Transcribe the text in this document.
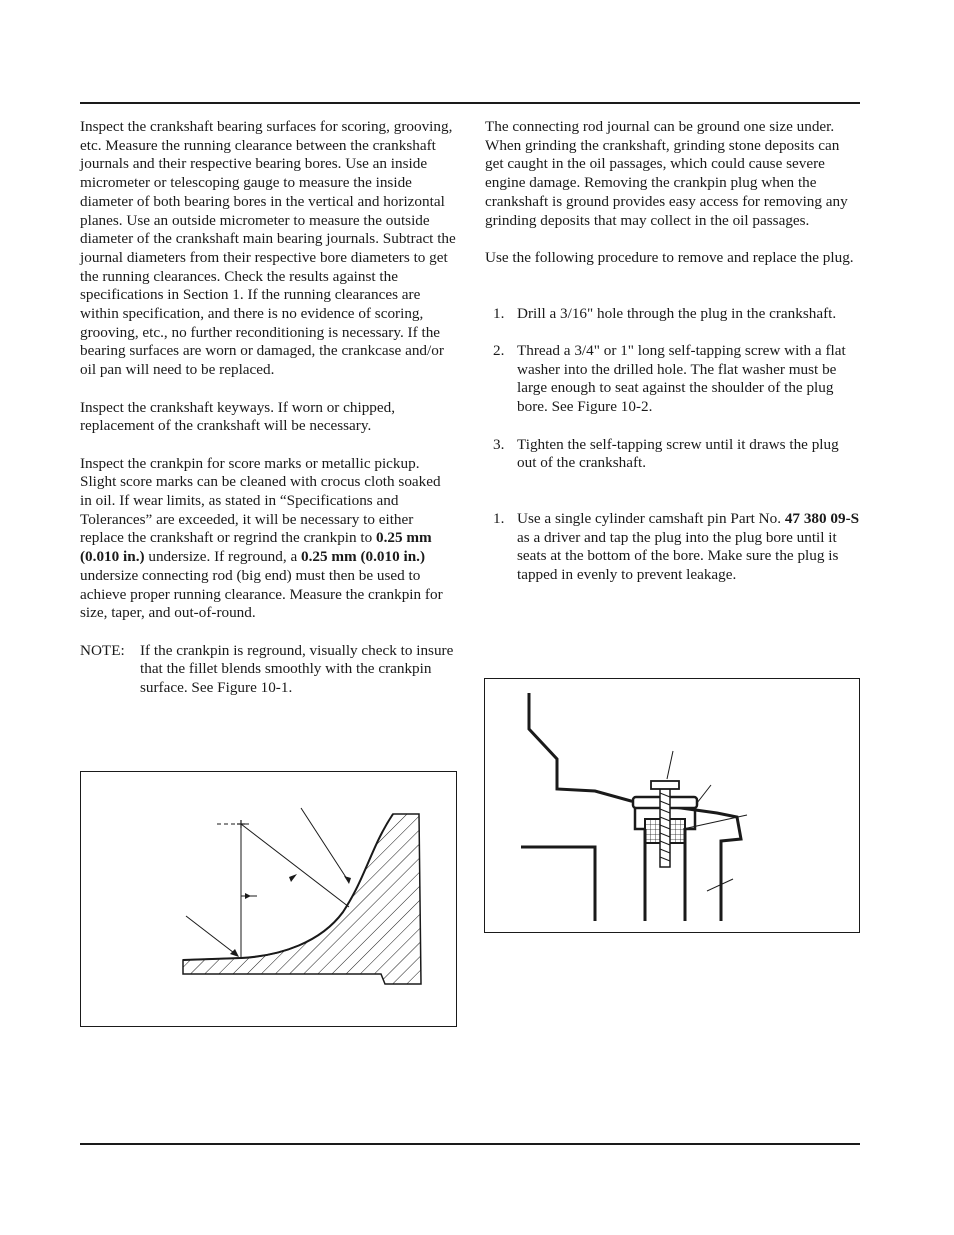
Inspect the crankshaft bearing surfaces for scoring, grooving, etc. Measure the running clearance between the crankshaft journals and their respective bearing bores. Use an inside micrometer or telescoping gauge to measure the inside diameter of both bearing bores in the vertical and horizontal planes. Use an outside micrometer to measure the outside diameter of the crankshaft main bearing journals. Subtract the journal diameters from their respective bore diameters to get the running clearances. Check the results against the specifications in Section 1. If the running clearances are within specification, and there is no evidence of scoring, grooving, etc., no further reconditioning is necessary. If the bearing surfaces are worn or damaged, the crankcase and/or oil pan will need to be replaced.

Inspect the crankshaft keyways. If worn or chipped, replacement of the crankshaft will be necessary.

Inspect the crankpin for score marks or metallic pickup. Slight score marks can be cleaned with crocus cloth soaked in oil. If wear limits, as stated in “Specifications and Tolerances” are exceeded, it will be necessary to either replace the crankshaft or regrind the crankpin to 0.25 mm (0.010 in.) undersize. If reground, a 0.25 mm (0.010 in.) undersize connecting rod (big end) must then be used to achieve proper running clearance. Measure the crankpin for size, taper, and out-of-round.

NOTE:	If the crankpin is reground, visually check to insure that the fillet blends smoothly with the crankpin surface. See Figure 10-1.

The connecting rod journal can be ground one size under. When grinding the crankshaft, grinding stone deposits can get caught in the oil passages, which could cause severe engine damage. Removing the crankpin plug when the crankshaft is ground provides easy access for removing any grinding deposits that may collect in the oil passages.

Use the following procedure to remove and replace the plug.

1. Drill a 3/16" hole through the plug in the crankshaft.
2. Thread a 3/4" or 1" long self-tapping screw with a flat washer into the drilled hole. The flat washer must be large enough to seat against the shoulder of the plug bore. See Figure 10-2.
3. Tighten the self-tapping screw until it draws the plug out of the crankshaft.
1. Use a single cylinder camshaft pin Part No. 47 380 09-S as a driver and tap the plug into the plug bore until it seats at the bottom of the bore. Make sure the plug is tapped in evenly to prevent leakage.
